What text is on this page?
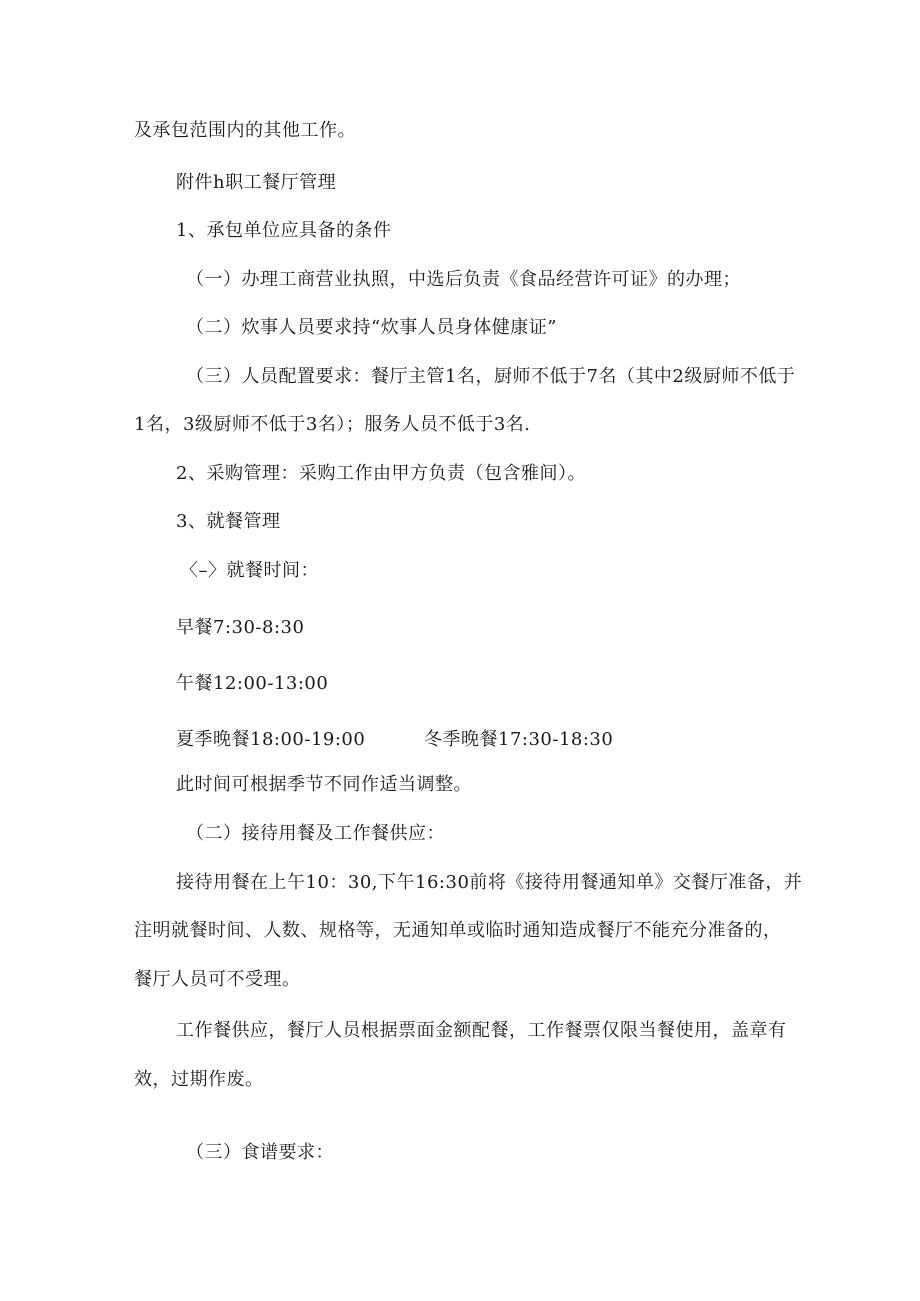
及承包范围内的其他工作。
附件h职工餐厅管理
1、承包单位应具备的条件
（一）办理工商营业执照，中选后负责《食品经营许可证》的办理；
（二）炊事人员要求持“炊事人员身体健康证”
（三）人员配置要求：餐厅主管1名，厨师不低于7名（其中2级厨师不低于
1名，3级厨师不低于3名）；服务人员不低于3名.
2、采购管理：采购工作由甲方负责（包含雅间）。
3、就餐管理
〈–〉就餐时间：
早餐7:30-8:30
午餐12:00-13:00
夏季晚餐18:00-19:00	冬季晚餐17:30-18:30
此时间可根据季节不同作适当调整。
（二）接待用餐及工作餐供应：
接待用餐在上午10：30,下午16:30前将《接待用餐通知单》交餐厅准备，并
注明就餐时间、人数、规格等，无通知单或临时通知造成餐厅不能充分准备的，
餐厅人员可不受理。
工作餐供应，餐厅人员根据票面金额配餐，工作餐票仅限当餐使用，盖章有
效，过期作废。
（三）食谱要求：
